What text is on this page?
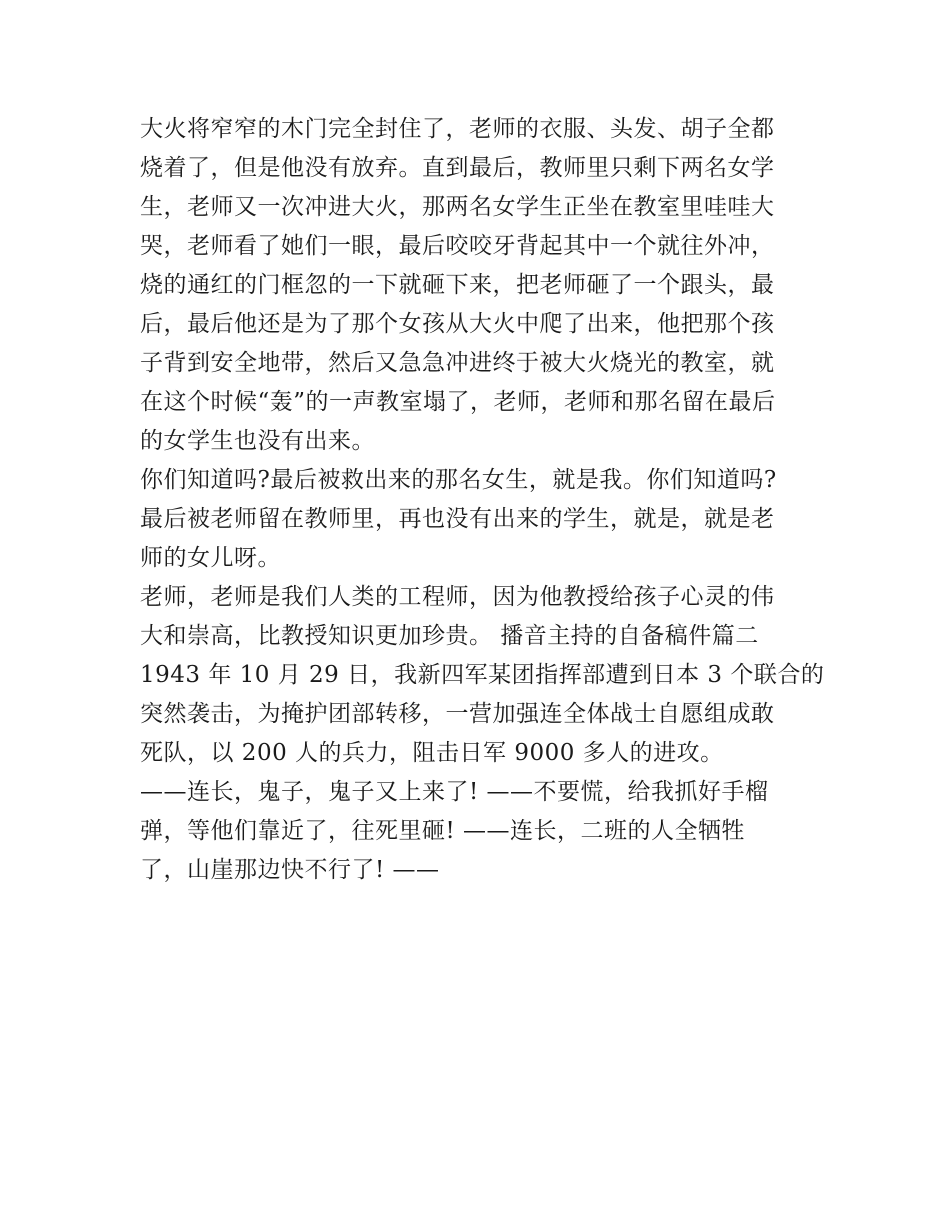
大火将窄窄的木门完全封住了，老师的衣服、头发、胡子全都
烧着了，但是他没有放弃。直到最后，教师里只剩下两名女学
生，老师又一次冲进大火，那两名女学生正坐在教室里哇哇大
哭，老师看了她们一眼，最后咬咬牙背起其中一个就往外冲，
烧的通红的门框忽的一下就砸下来，把老师砸了一个跟头，最
后，最后他还是为了那个女孩从大火中爬了出来，他把那个孩
子背到安全地带，然后又急急冲进终于被大火烧光的教室，就
在这个时候“轰”的一声教室塌了，老师，老师和那名留在最后
的女学生也没有出来。
你们知道吗?最后被救出来的那名女生，就是我。你们知道吗?
最后被老师留在教师里，再也没有出来的学生，就是，就是老
师的女儿呀。
老师，老师是我们人类的工程师，因为他教授给孩子心灵的伟
大和崇高，比教授知识更加珍贵。 播音主持的自备稿件篇二
1943 年 10 月 29 日，我新四军某团指挥部遭到日本 3 个联合的
突然袭击，为掩护团部转移，一营加强连全体战士自愿组成敢
死队，以 200 人的兵力，阻击日军 9000 多人的进攻。
——连长，鬼子，鬼子又上来了! ——不要慌，给我抓好手榴
弹，等他们靠近了，往死里砸! ——连长，二班的人全牺牲
了，山崖那边快不行了! ——
